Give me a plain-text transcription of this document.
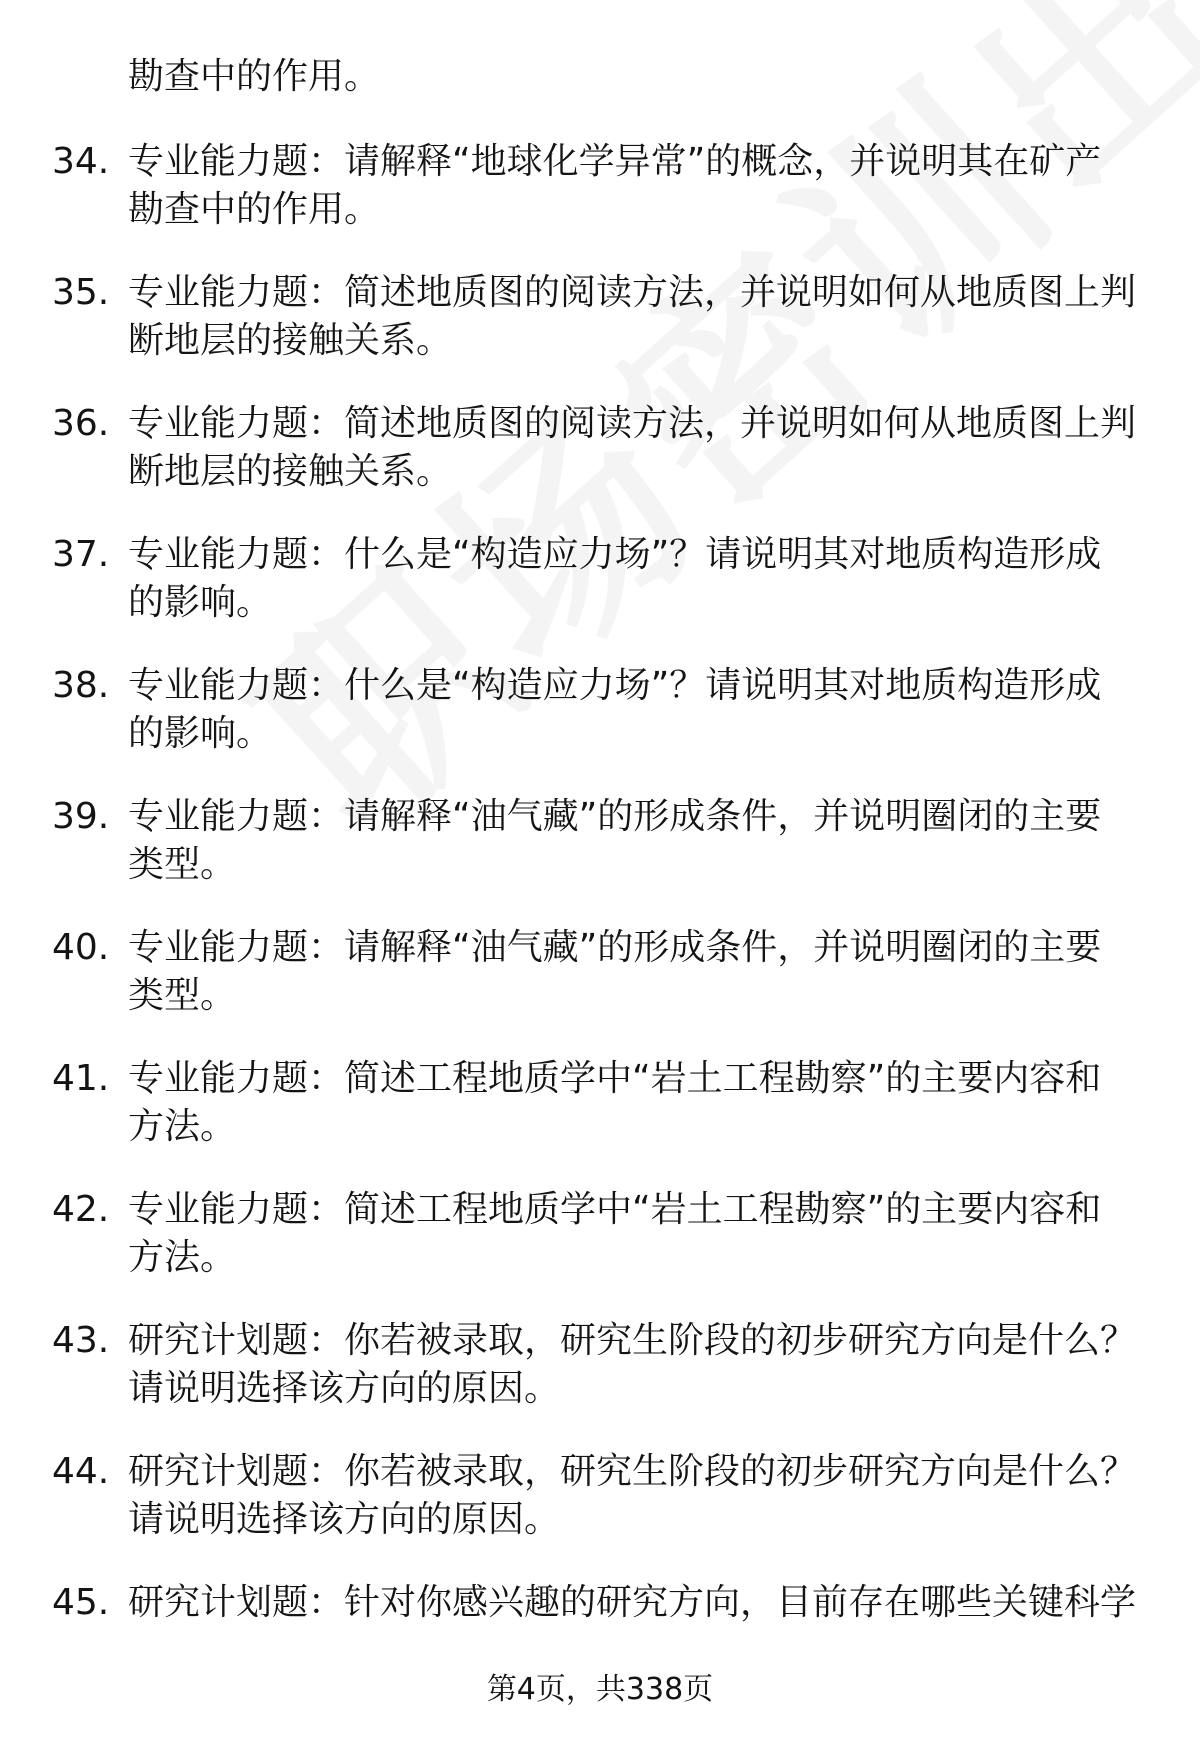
勘查中的作用。
34. 专业能力题：请解释“地球化学异常”的概念，并说明其在矿产
勘查中的作用。
35. 专业能力题：简述地质图的阅读方法，并说明如何从地质图上判
断地层的接触关系。
36. 专业能力题：简述地质图的阅读方法，并说明如何从地质图上判
断地层的接触关系。
37. 专业能力题：什么是“构造应力场”？请说明其对地质构造形成
的影响。
38. 专业能力题：什么是“构造应力场”？请说明其对地质构造形成
的影响。
39. 专业能力题：请解释“油气藏”的形成条件，并说明圈闭的主要
类型。
40. 专业能力题：请解释“油气藏”的形成条件，并说明圈闭的主要
类型。
41. 专业能力题：简述工程地质学中“岩土工程勘察”的主要内容和
方法。
42. 专业能力题：简述工程地质学中“岩土工程勘察”的主要内容和
方法。
43. 研究计划题：你若被录取，研究生阶段的初步研究方向是什么？
请说明选择该方向的原因。
44. 研究计划题：你若被录取，研究生阶段的初步研究方向是什么？
请说明选择该方向的原因。
45. 研究计划题：针对你感兴趣的研究方向，目前存在哪些关键科学
第4页，共338页
